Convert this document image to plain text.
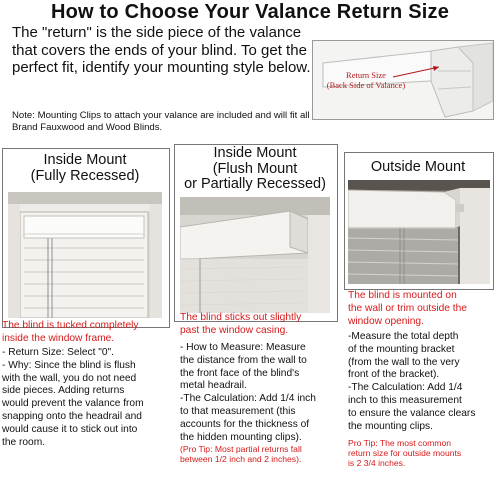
How to Choose Your Valance Return Size
The "return" is the side piece of the valance that covers the ends of your blind. To get the perfect fit, identify your mounting style below.
Note: Mounting Clips to attach your valance are included and will fit all Brand Fauxwood and Wood Blinds.
Return Size
(Back Side of Valance)
Inside Mount
(Fully Recessed)
The blind is tucked completely
inside the window frame.
- Return Size: Select "0".
- Why: Since the blind is flush
with the wall, you do not need
side pieces. Adding returns
would prevent the valance from
snapping onto the headrail and
would cause it to stick out into
the room.
Inside Mount
(Flush Mount
or Partially Recessed)
The blind sticks out slightly
past the window casing.
- How to Measure: Measure
the distance from the wall to
the front face of the blind's
metal headrail.
-The Calculation: Add 1/4 inch
to that measurement (this
accounts for the thickness of
the hidden mounting clips).
(Pro Tip: Most partial returns fall
between 1/2 inch and 2 inches).
Outside Mount
The blind is mounted on
the wall or trim outside the
window opening.
-Measure the total depth
of the mounting bracket
(from the wall to the very
front of the bracket).
-The Calculation: Add 1/4
inch to this measurement
to ensure the valance clears
the mounting clips.
Pro Tip: The most common
return size for outside mounts
is 2 3/4 inches.
